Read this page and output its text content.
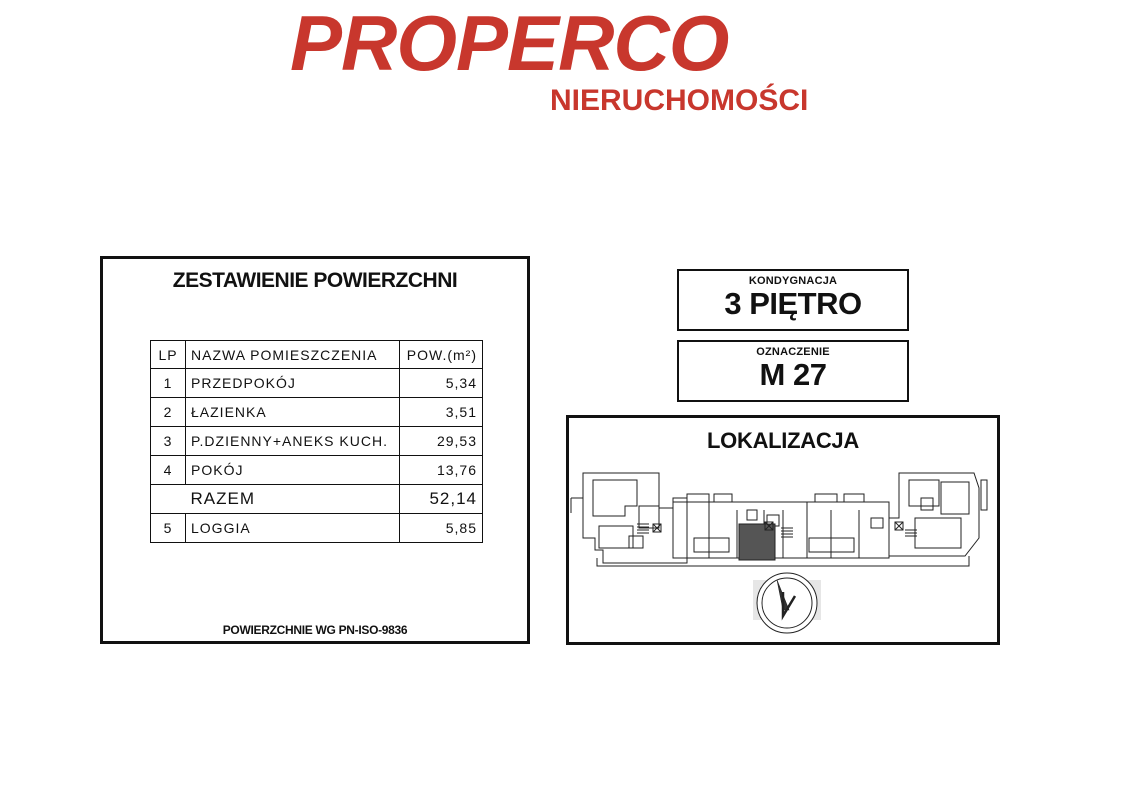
PROPERCO
NIERUCHOMOŚCI
ZESTAWIENIE POWIERZCHNI
LP	NAZWA POMIESZCZENIA	POW.(m²)
1	PRZEDPOKÓJ	5,34
2	ŁAZIENKA	3,51
3	P.DZIENNY+ANEKS KUCH.	29,53
4	POKÓJ	13,76
	RAZEM	52,14
5	LOGGIA	5,85
POWIERZCHNIE WG PN-ISO-9836
KONDYGNACJA
3 PIĘTRO
OZNACZENIE
M 27
LOKALIZACJA
